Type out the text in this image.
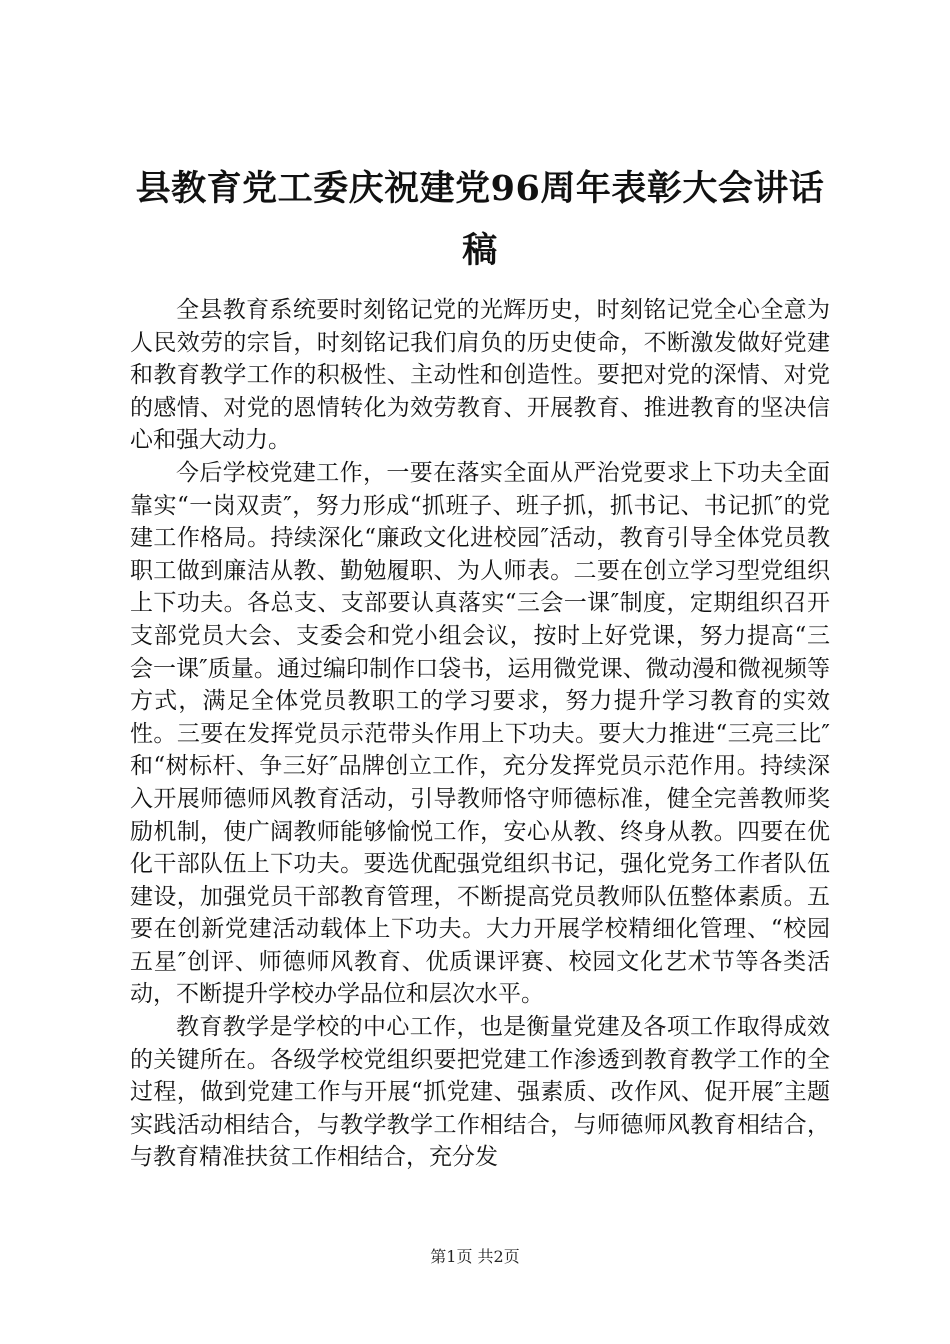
县教育党工委庆祝建党96周年表彰大会讲话稿

全县教育系统要时刻铭记党的光辉历史，时刻铭记党全心全意为人民效劳的宗旨，时刻铭记我们肩负的历史使命，不断激发做好党建和教育教学工作的积极性、主动性和创造性。要把对党的深情、对党的感情、对党的恩情转化为效劳教育、开展教育、推进教育的坚决信心和强大动力。

今后学校党建工作，一要在落实全面从严治党要求上下功夫全面靠实“一岗双责″，努力形成“抓班子、班子抓，抓书记、书记抓″的党建工作格局。持续深化“廉政文化进校园″活动，教育引导全体党员教职工做到廉洁从教、勤勉履职、为人师表。二要在创立学习型党组织上下功夫。各总支、支部要认真落实“三会一课″制度，定期组织召开支部党员大会、支委会和党小组会议，按时上好党课，努力提高“三会一课″质量。通过编印制作口袋书，运用微党课、微动漫和微视频等方式，满足全体党员教职工的学习要求，努力提升学习教育的实效性。三要在发挥党员示范带头作用上下功夫。要大力推进“三亮三比″和“树标杆、争三好″品牌创立工作，充分发挥党员示范作用。持续深入开展师德师风教育活动，引导教师恪守师德标准，健全完善教师奖励机制，使广阔教师能够愉悦工作，安心从教、终身从教。四要在优化干部队伍上下功夫。要选优配强党组织书记，强化党务工作者队伍建设，加强党员干部教育管理，不断提高党员教师队伍整体素质。五要在创新党建活动载体上下功夫。大力开展学校精细化管理、“校园五星″创评、师德师风教育、优质课评赛、校园文化艺术节等各类活动，不断提升学校办学品位和层次水平。

教育教学是学校的中心工作，也是衡量党建及各项工作取得成效的关键所在。各级学校党组织要把党建工作渗透到教育教学工作的全过程，做到党建工作与开展“抓党建、强素质、改作风、促开展″主题实践活动相结合，与教学教学工作相结合，与师德师风教育相结合，与教育精准扶贫工作相结合，充分发

第1页 共2页
